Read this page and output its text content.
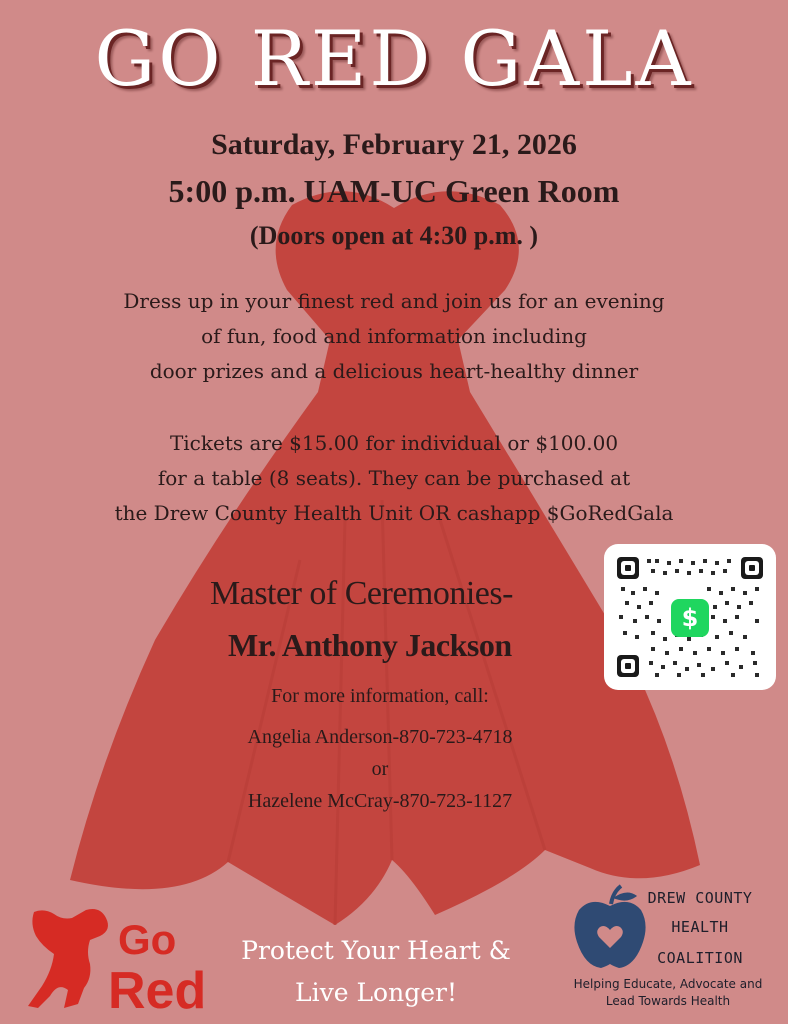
GO RED GALA
Saturday, February 21, 2026
5:00 p.m. UAM-UC Green Room
(Doors open at 4:30 p.m. )
Dress up in your finest red and join us for an evening
of fun, food and information including
door prizes and a delicious heart-healthy dinner
Tickets are $15.00 for individual or $100.00
for a table (8 seats). They can be purchased at
the Drew County Health Unit OR cashapp $GoRedGala
Master of Ceremonies-
Mr. Anthony Jackson
For more information, call:
Angelia Anderson-870-723-4718
or
Hazelene McCray-870-723-1127
$
Go
Red
Protect Your Heart &
Live Longer!
DREW COUNTY
HEALTH
COALITION
Helping Educate, Advocate and
Lead Towards Health
